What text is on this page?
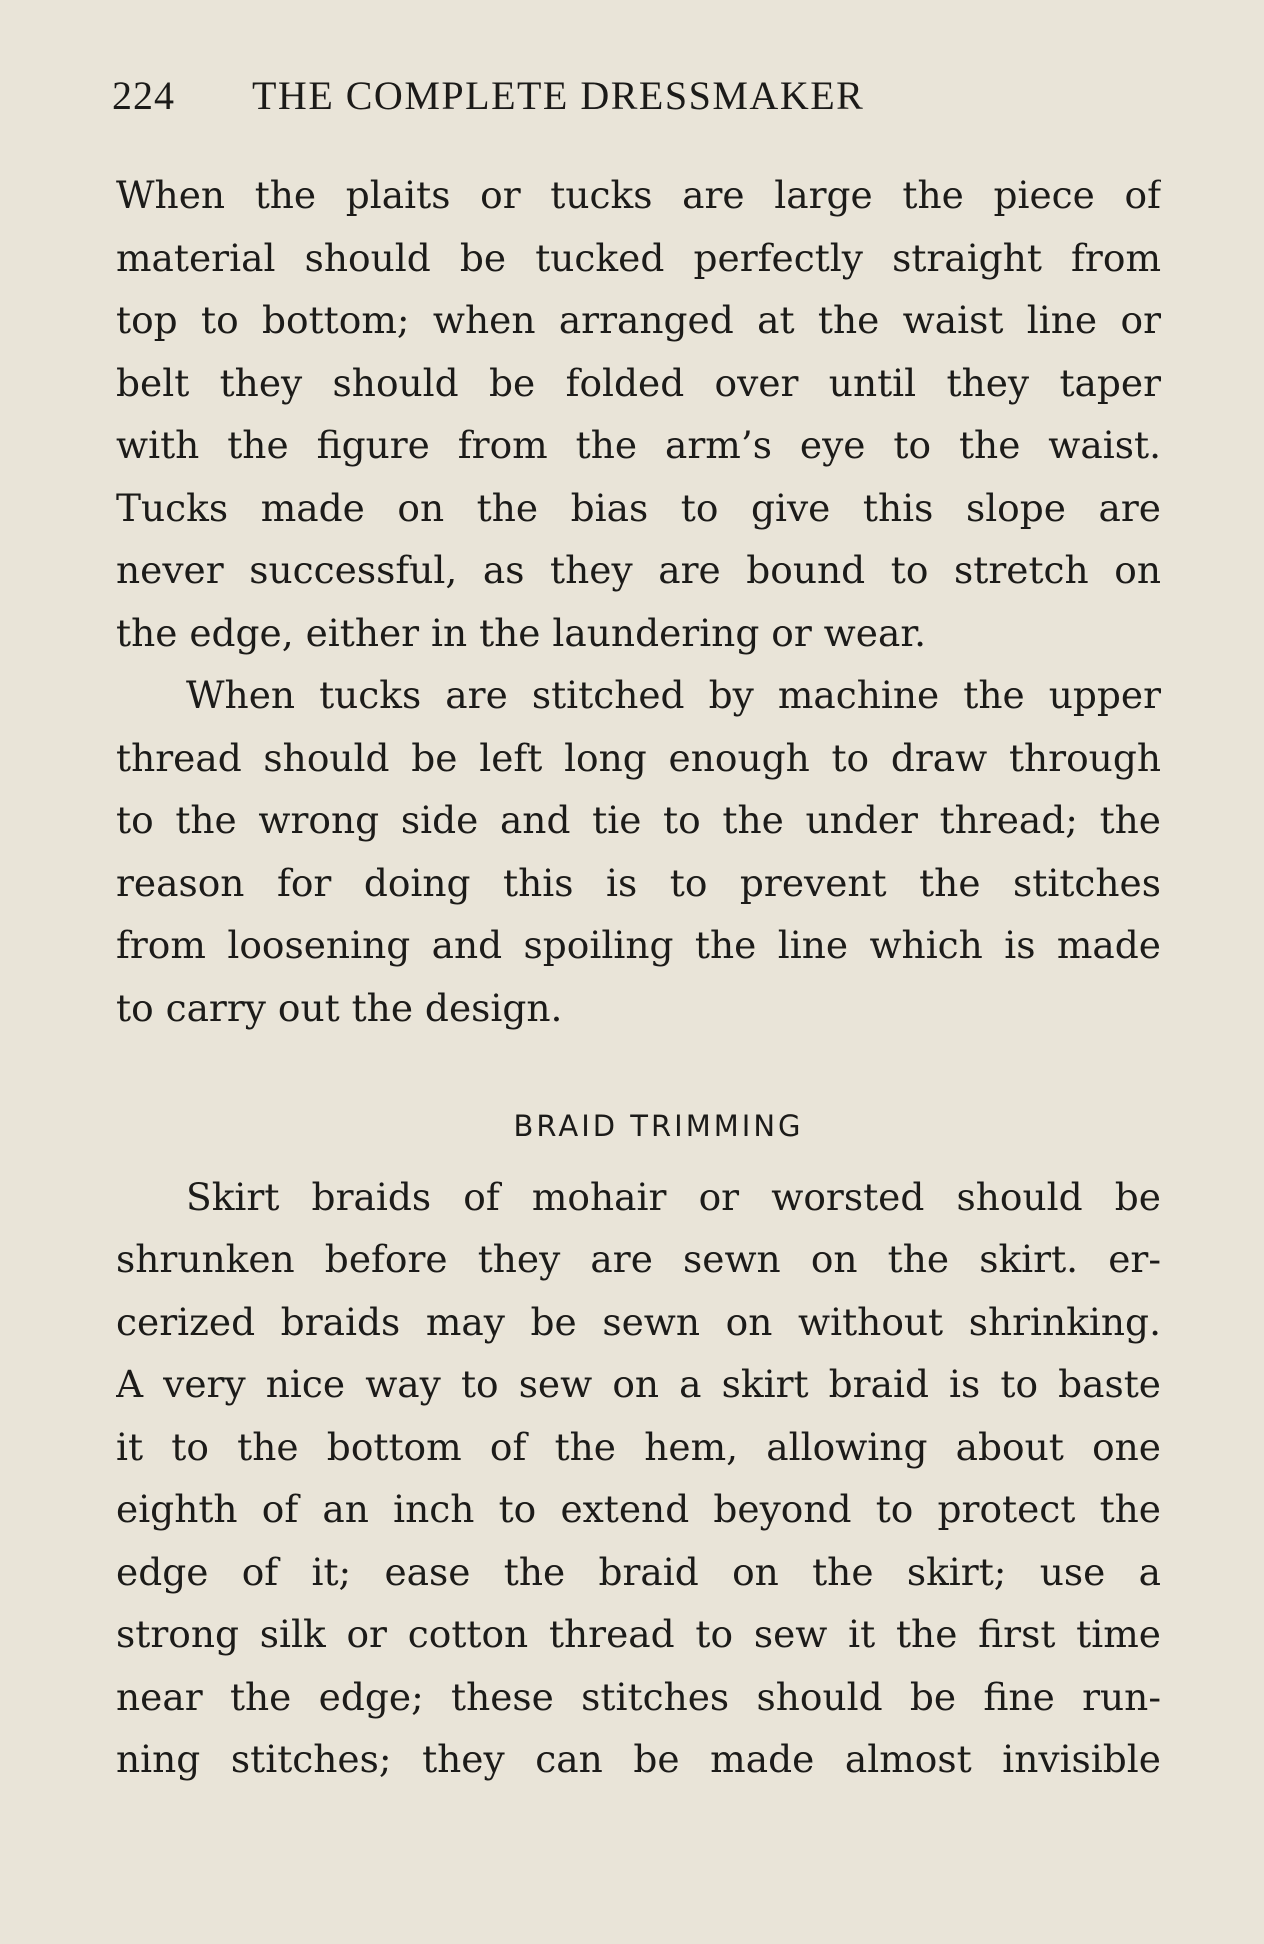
224 THE COMPLETE DRESSMAKER
When the plaits or tucks are large the piece of
material should be tucked perfectly straight from
top to bottom; when arranged at the waist line or
belt they should be folded over until they taper
with the figure from the arm’s eye to the waist.
Tucks made on the bias to give this slope are
never successful, as they are bound to stretch on
the edge, either in the laundering or wear.
When tucks are stitched by machine the upper
thread should be left long enough to draw through
to the wrong side and tie to the under thread; the
reason for doing this is to prevent the stitches
from loosening and spoiling the line which is made
to carry out the design.
BRAID TRIMMING
Skirt braids of mohair or worsted should be
shrunken before they are sewn on the skirt. er-
cerized braids may be sewn on without shrinking.
A very nice way to sew on a skirt braid is to baste
it to the bottom of the hem, allowing about one
eighth of an inch to extend beyond to protect the
edge of it; ease the braid on the skirt; use a
strong silk or cotton thread to sew it the first time
near the edge; these stitches should be fine run-
ning stitches; they can be made almost invisible
